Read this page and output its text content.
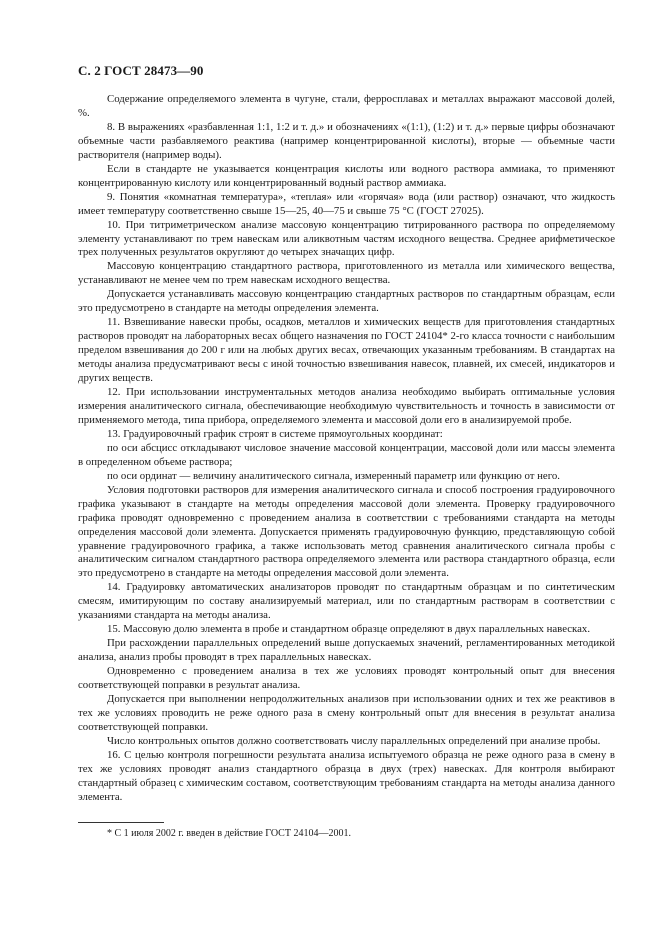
С. 2 ГОСТ 28473—90

Содержание определяемого элемента в чугуне, стали, ферросплавах и металлах выражают массовой долей, %.

8. В выражениях «разбавленная 1:1, 1:2 и т. д.» и обозначениях «(1:1), (1:2) и т. д.» первые цифры обозначают объемные части разбавляемого реактива (например концентрированной кислоты), вторые — объемные части растворителя (например воды).

Если в стандарте не указывается концентрация кислоты или водного раствора аммиака, то применяют концентрированную кислоту или концентрированный водный раствор аммиака.

9. Понятия «комнатная температура», «теплая» или «горячая» вода (или раствор) означают, что жидкость имеет температуру соответственно свыше 15—25, 40—75 и свыше 75 °С (ГОСТ 27025).

10. При титриметрическом анализе массовую концентрацию титрированного раствора по определяемому элементу устанавливают по трем навескам или аликвотным частям исходного вещества. Среднее арифметическое трех полученных результатов округляют до четырех значащих цифр.

Массовую концентрацию стандартного раствора, приготовленного из металла или химического вещества, устанавливают не менее чем по трем навескам исходного вещества.

Допускается устанавливать массовую концентрацию стандартных растворов по стандартным образцам, если это предусмотрено в стандарте на методы определения элемента.

11. Взвешивание навески пробы, осадков, металлов и химических веществ для приготовления стандартных растворов проводят на лабораторных весах общего назначения по ГОСТ 24104* 2-го класса точности с наибольшим пределом взвешивания до 200 г или на любых других весах, отвечающих указанным требованиям. В стандартах на методы анализа предусматривают весы с иной точностью взвешивания навесок, плавней, их смесей, индикаторов и других веществ.

12. При использовании инструментальных методов анализа необходимо выбирать оптимальные условия измерения аналитического сигнала, обеспечивающие необходимую чувствительность и точность в зависимости от применяемого метода, типа прибора, определяемого элемента и массовой доли его в анализируемой пробе.

13. Градуировочный график строят в системе прямоугольных координат:

по оси абсцисс откладывают числовое значение массовой концентрации, массовой доли или массы элемента в определенном объеме раствора;

по оси ординат — величину аналитического сигнала, измеренный параметр или функцию от него.

Условия подготовки растворов для измерения аналитического сигнала и способ построения градуировочного графика указывают в стандарте на методы определения массовой доли элемента. Проверку градуировочного графика проводят одновременно с проведением анализа в соответствии с требованиями стандарта на методы определения массовой доли элемента. Допускается применять градуировочную функцию, представляющую собой уравнение градуировочного графика, а также использовать метод сравнения аналитического сигнала пробы с аналитическим сигналом стандартного раствора определяемого элемента или раствора стандартного образца, если это предусмотрено в стандарте на методы определения массовой доли элемента.

14. Градуировку автоматических анализаторов проводят по стандартным образцам и по синтетическим смесям, имитирующим по составу анализируемый материал, или по стандартным растворам в соответствии с указаниями стандарта на методы анализа.

15. Массовую долю элемента в пробе и стандартном образце определяют в двух параллельных навесках.

При расхождении параллельных определений выше допускаемых значений, регламентированных методикой анализа, анализ пробы проводят в трех параллельных навесках.

Одновременно с проведением анализа в тех же условиях проводят контрольный опыт для внесения соответствующей поправки в результат анализа.

Допускается при выполнении непродолжительных анализов при использовании одних и тех же реактивов в тех же условиях проводить не реже одного раза в смену контрольный опыт для внесения в результат анализа соответствующей поправки.

Число контрольных опытов должно соответствовать числу параллельных определений при анализе пробы.

16. С целью контроля погрешности результата анализа испытуемого образца не реже одного раза в смену в тех же условиях проводят анализ стандартного образца в двух (трех) навесках. Для контроля выбирают стандартный образец с химическим составом, соответствующим требованиям стандарта на методы анализа данного элемента.

* С 1 июля 2002 г. введен в действие ГОСТ 24104—2001.
